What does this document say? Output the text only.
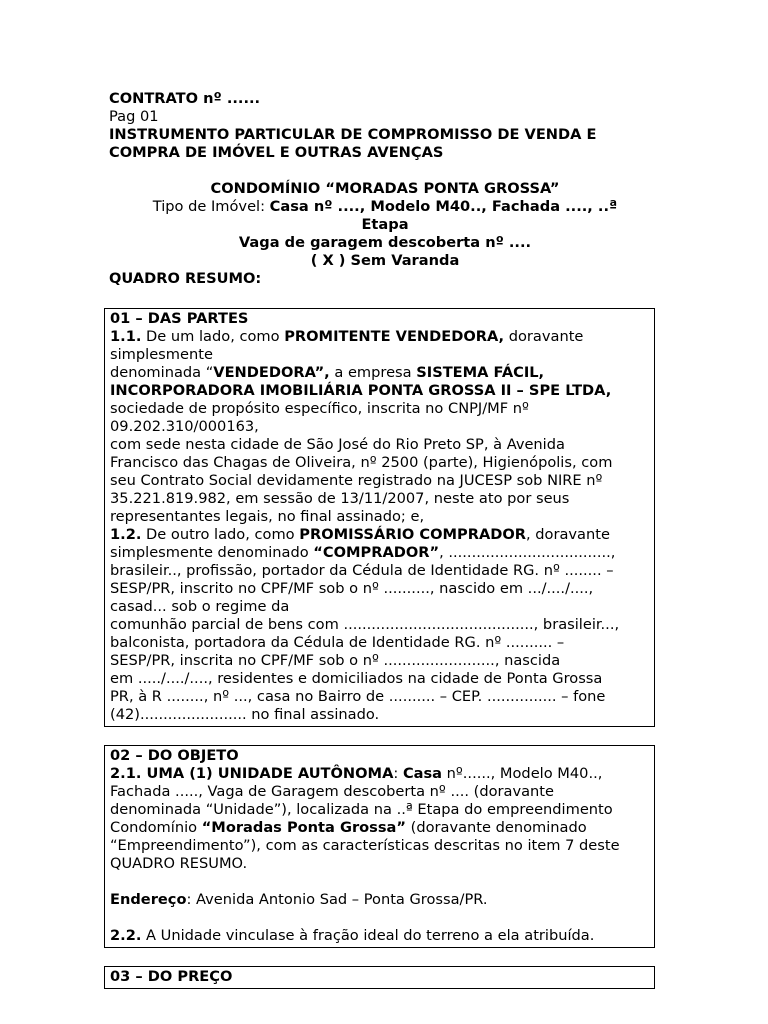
CONTRATO nº ......
Pag 01
INSTRUMENTO PARTICULAR DE COMPROMISSO DE VENDA E
COMPRA DE IMÓVEL E OUTRAS AVENÇAS
CONDOMÍNIO “MORADAS PONTA GROSSA”
Tipo de Imóvel: Casa nº ...., Modelo M40.., Fachada ...., ..ª
Etapa
Vaga de garagem descoberta nº ....
( X ) Sem Varanda
QUADRO RESUMO:

01 – DAS PARTES

1.1. De um lado, como PROMITENTE VENDEDORA, doravante

simplesmente

denominada “VENDEDORA”, a empresa SISTEMA FÁCIL,

INCORPORADORA IMOBILIÁRIA PONTA GROSSA II – SPE LTDA,

sociedade de propósito específico, inscrita no CNPJ/MF nº

09.202.310/000163,

com sede nesta cidade de São José do Rio Preto SP, à Avenida

Francisco das Chagas de Oliveira, nº 2500 (parte), Higienópolis, com

seu Contrato Social devidamente registrado na JUCESP sob NIRE nº

35.221.819.982, em sessão de 13/11/2007, neste ato por seus

representantes legais, no final assinado; e,

1.2. De outro lado, como PROMISSÁRIO COMPRADOR, doravante

simplesmente denominado “COMPRADOR”, ...................................,

brasileir.., profissão, portador da Cédula de Identidade RG. nº ........ –

SESP/PR, inscrito no CPF/MF sob o nº .........., nascido em .../..../....,

casad... sob o regime da

comunhão parcial de bens com ........................................., brasileir...,

balconista, portadora da Cédula de Identidade RG. nº .......... –

SESP/PR, inscrita no CPF/MF sob o nº ........................, nascida

em ...../..../...., residentes e domiciliados na cidade de Ponta Grossa

PR, à R ........, nº ..., casa no Bairro de .......... – CEP. ............... – fone

(42)....................... no final assinado.

02 – DO OBJETO

2.1. UMA (1) UNIDADE AUTÔNOMA: Casa nº......, Modelo M40..,

Fachada ....., Vaga de Garagem descoberta nº .... (doravante

denominada “Unidade”), localizada na ..ª Etapa do empreendimento

Condomínio “Moradas Ponta Grossa” (doravante denominado

“Empreendimento”), com as características descritas no item 7 deste

QUADRO RESUMO.

Endereço: Avenida Antonio Sad – Ponta Grossa/PR.

2.2. A Unidade vinculase à fração ideal do terreno a ela atribuída.

03 – DO PREÇO
